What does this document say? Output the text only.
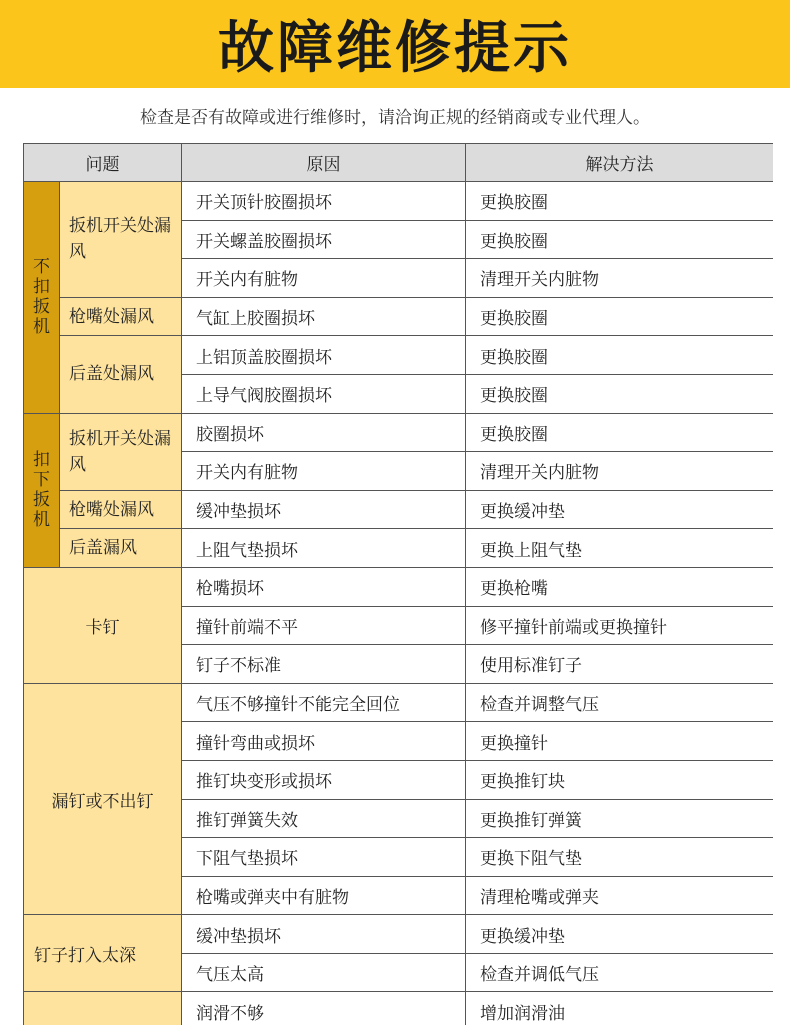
故障维修提示
检查是否有故障或进行维修时，请洽询正规的经销商或专业代理人。
问题		原因	解决方法
不扣扳机	扳机开关处漏风	开关顶针胶圈损坏	更换胶圈
		开关螺盖胶圈损坏	更换胶圈
		开关内有脏物	清理开关内脏物
	枪嘴处漏风	气缸上胶圈损坏	更换胶圈
	后盖处漏风	上铝顶盖胶圈损坏	更换胶圈
		上导气阀胶圈损坏	更换胶圈
扣下扳机	扳机开关处漏风	胶圈损坏	更换胶圈
		开关内有脏物	清理开关内脏物
	枪嘴处漏风	缓冲垫损坏	更换缓冲垫
	后盖漏风	上阻气垫损坏	更换上阻气垫
卡钉		枪嘴损坏	更换枪嘴
		撞针前端不平	修平撞针前端或更换撞针
		钉子不标准	使用标准钉子
漏钉或不出钉		气压不够撞针不能完全回位	检查并调整气压
		撞针弯曲或损坏	更换撞针
		推钉块变形或损坏	更换推钉块
		推钉弹簧失效	更换推钉弹簧
		下阻气垫损坏	更换下阻气垫
		枪嘴或弹夹中有脏物	清理枪嘴或弹夹
钉子打入太深		缓冲垫损坏	更换缓冲垫
		气压太高	检查并调低气压
		润滑不够	增加润滑油
